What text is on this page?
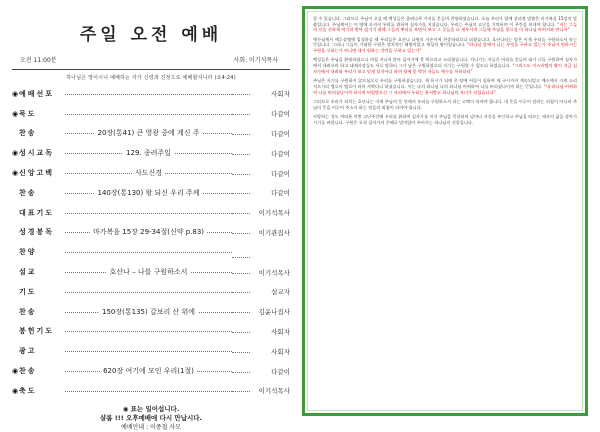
주일 오전 예배
오전 11:00분	사회: 이기석목사
하나님은 영이시니 예배하는 자가 신령과 진정으로 예배할지니라 (요4:24)
◉ 예배선포	사회자
◉ 묵도	다같이
찬송	20장(통41) 큰 영광 중에 계신 주	다같이
◉ 성시교독	129. 종려주일	다같이
◉ 신앙고백	사도신경	다같이
찬송	140장(통130) 왕 되신 우리 주께	다같이
대표기도	이기석목사
성경봉독	마가복음 15장 29-34절(신약 p.83)	이기관집사
찬양
설교	호산나 – 나를 구원하소서	이기석목사
기도	설교자
찬송	150장(통135) 갈보리 산 위에	김윤나집사
봉헌기도	사회자
광고	사회자
◉ 찬송	620장 여기에 모인 우리(1절)	다같이
◉ 축도	이기석목사
◉ 표는 일어섭니다.
샬롬 !!! 오후예배에 다시 만납시다.
예배안내 : 이종철 사모

할 수 있습니다. 그러므로 주님이 오실 때 백성들은 종려나무 가지를 흔들며 찬양하였습니다. 오늘 우리가 함께 살펴볼 말씀은 마가복음 15장의 말씀입니다. 주님께서는 이 땅에 오셔서 우리를 위하여 십자가를 지셨습니다. 우리는 주님의 고난을 기억하며 이 주간을 보내야 합니다. “저는 그들의 선을 선하게 여기며 받아 섬기기 위해 그들의 뿌리를 보면서 보고 그 곳들을 더 세우시며 그들에 주님을 찾으실 이 하나님 아버지와 만나자”

예수님께서 예루살렘에 입성하실 때 무리들은 호산나 다윗의 자손이여 찬송하리로다 외쳤습니다. 호산나라는 말은 이제 우리를 구원하소서 라는 뜻입니다. 그러나 그들이 기대한 구원은 정치적인 해방이었고 세상의 왕이었습니다. “하나님 앞에서 나는 무엇을 구하고 있는가 주님이 원하시는 구원을 구하는가 아니면 내가 원하는 것만을 구하고 있는가”

백성들은 주님을 환영하였으나 며칠 지나지 않아 십자가에 못 박으라고 소리쳤습니다. 지나가는 자들은 머리를 흔들며 네가 너를 구원하여 십자가에서 내려오라 하고 대제사장들도 서로 말하되 그가 남은 구원하였으되 자기는 구원할 수 없도다 하였습니다. “그리스도 이스라엘의 왕이 지금 십자가에서 내려와 우리가 보고 믿게 할지어다 하며 함께 못 박힌 자들도 예수를 욕하더라”

주님은 자기를 구원하지 않으심으로 우리를 구원하셨습니다. 제 육시가 되매 온 땅에 어둠이 임하여 제 구시까지 계속되었고 예수께서 크게 소리 지르시되 엘로이 엘로이 라마 사박다니 하셨습니다. 이는 나의 하나님 나의 하나님 어찌하여 나를 버리셨나이까 하는 뜻입니다. “내 하나님 어찌하여 나를 버리셨나이까 하시며 버림받으신 그 자리에서 우리는 용서받고 하나님의 자녀가 되었습니다”

그러므로 우리가 외치는 호산나는 이제 주님의 뜻 안에서 우리를 구원하소서 하는 고백이 되어야 합니다. 내 뜻을 이루어 달라는 외침이 아니라 주님의 뜻을 이루어 주소서 하는 믿음의 외침이 되어야 합니다.

사랑하는 성도 여러분 이번 고난주간에 우리를 위하여 십자가를 지신 주님을 묵상하며 날마다 자신을 부인하고 주님을 따르는 제자의 삶을 살아가시기를 바랍니다. 구원은 오직 십자가의 은혜로 말미암아 주어지는 하나님의 선물입니다.
